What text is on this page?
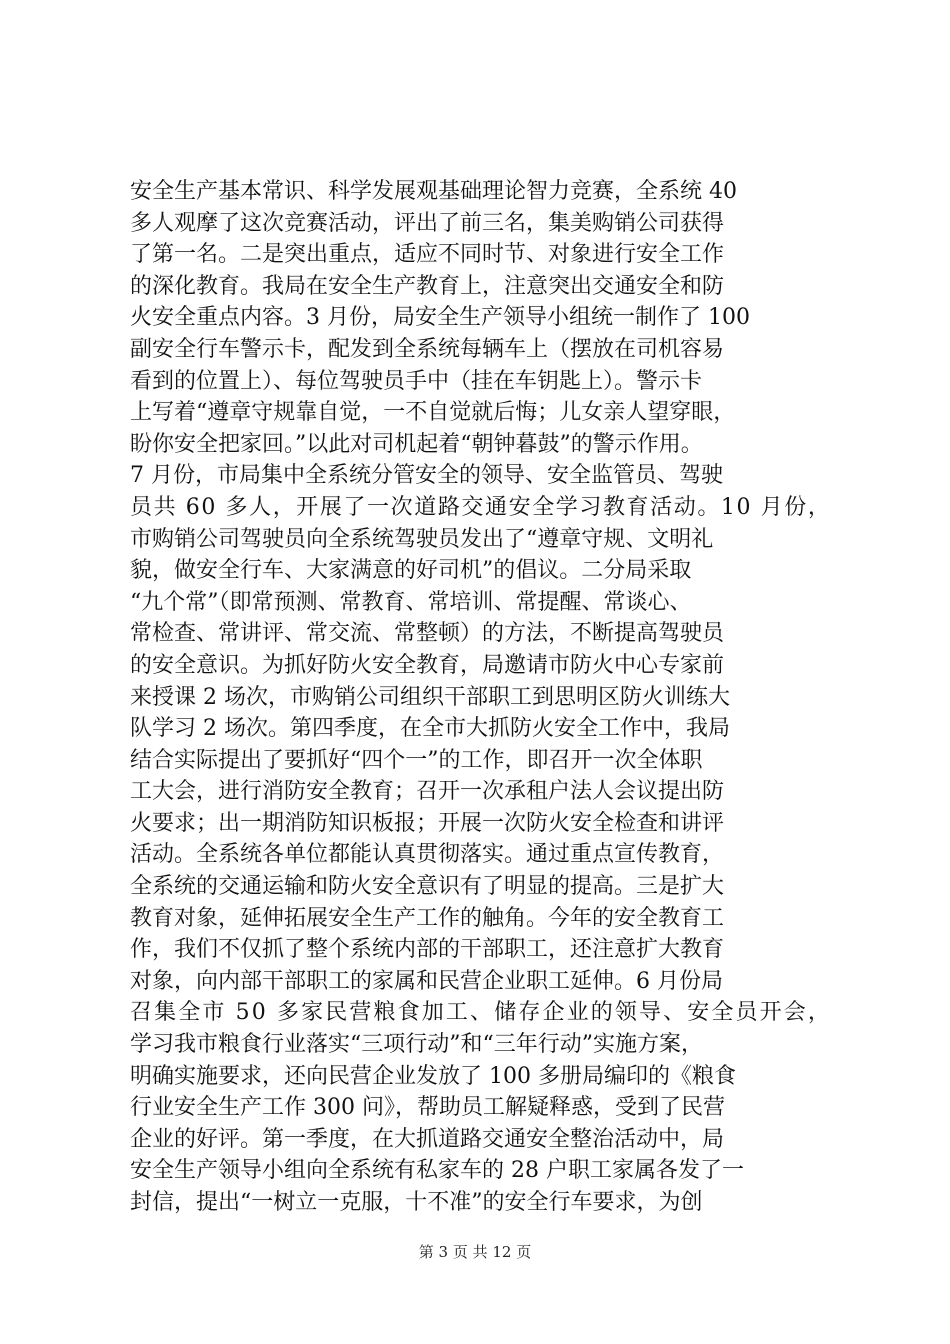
安全生产基本常识、科学发展观基础理论智力竞赛，全系统 40
多人观摩了这次竞赛活动，评出了前三名，集美购销公司获得
了第一名。二是突出重点，适应不同时节、对象进行安全工作
的深化教育。我局在安全生产教育上，注意突出交通安全和防
火安全重点内容。3 月份，局安全生产领导小组统一制作了 100
副安全行车警示卡，配发到全系统每辆车上（摆放在司机容易
看到的位置上）、每位驾驶员手中（挂在车钥匙上）。警示卡
上写着“遵章守规靠自觉，一不自觉就后悔；儿女亲人望穿眼，
盼你安全把家回。”以此对司机起着“朝钟暮鼓”的警示作用。
7 月份，市局集中全系统分管安全的领导、安全监管员、驾驶
员共 60 多人，开展了一次道路交通安全学习教育活动。10 月份，
市购销公司驾驶员向全系统驾驶员发出了“遵章守规、文明礼
貌，做安全行车、大家满意的好司机”的倡议。二分局采取
“九个常”（即常预测、常教育、常培训、常提醒、常谈心、
常检查、常讲评、常交流、常整顿）的方法，不断提高驾驶员
的安全意识。为抓好防火安全教育，局邀请市防火中心专家前
来授课 2 场次，市购销公司组织干部职工到思明区防火训练大
队学习 2 场次。第四季度，在全市大抓防火安全工作中，我局
结合实际提出了要抓好“四个一”的工作，即召开一次全体职
工大会，进行消防安全教育；召开一次承租户法人会议提出防
火要求；出一期消防知识板报；开展一次防火安全检查和讲评
活动。全系统各单位都能认真贯彻落实。通过重点宣传教育，
全系统的交通运输和防火安全意识有了明显的提高。三是扩大
教育对象，延伸拓展安全生产工作的触角。今年的安全教育工
作，我们不仅抓了整个系统内部的干部职工，还注意扩大教育
对象，向内部干部职工的家属和民营企业职工延伸。6 月份局
召集全市 50 多家民营粮食加工、储存企业的领导、安全员开会，
学习我市粮食行业落实“三项行动”和“三年行动”实施方案，
明确实施要求，还向民营企业发放了 100 多册局编印的《粮食
行业安全生产工作 300 问》，帮助员工解疑释惑，受到了民营
企业的好评。第一季度，在大抓道路交通安全整治活动中，局
安全生产领导小组向全系统有私家车的 28 户职工家属各发了一
封信，提出“一树立一克服，十不准”的安全行车要求，为创
第 3 页 共 12 页
